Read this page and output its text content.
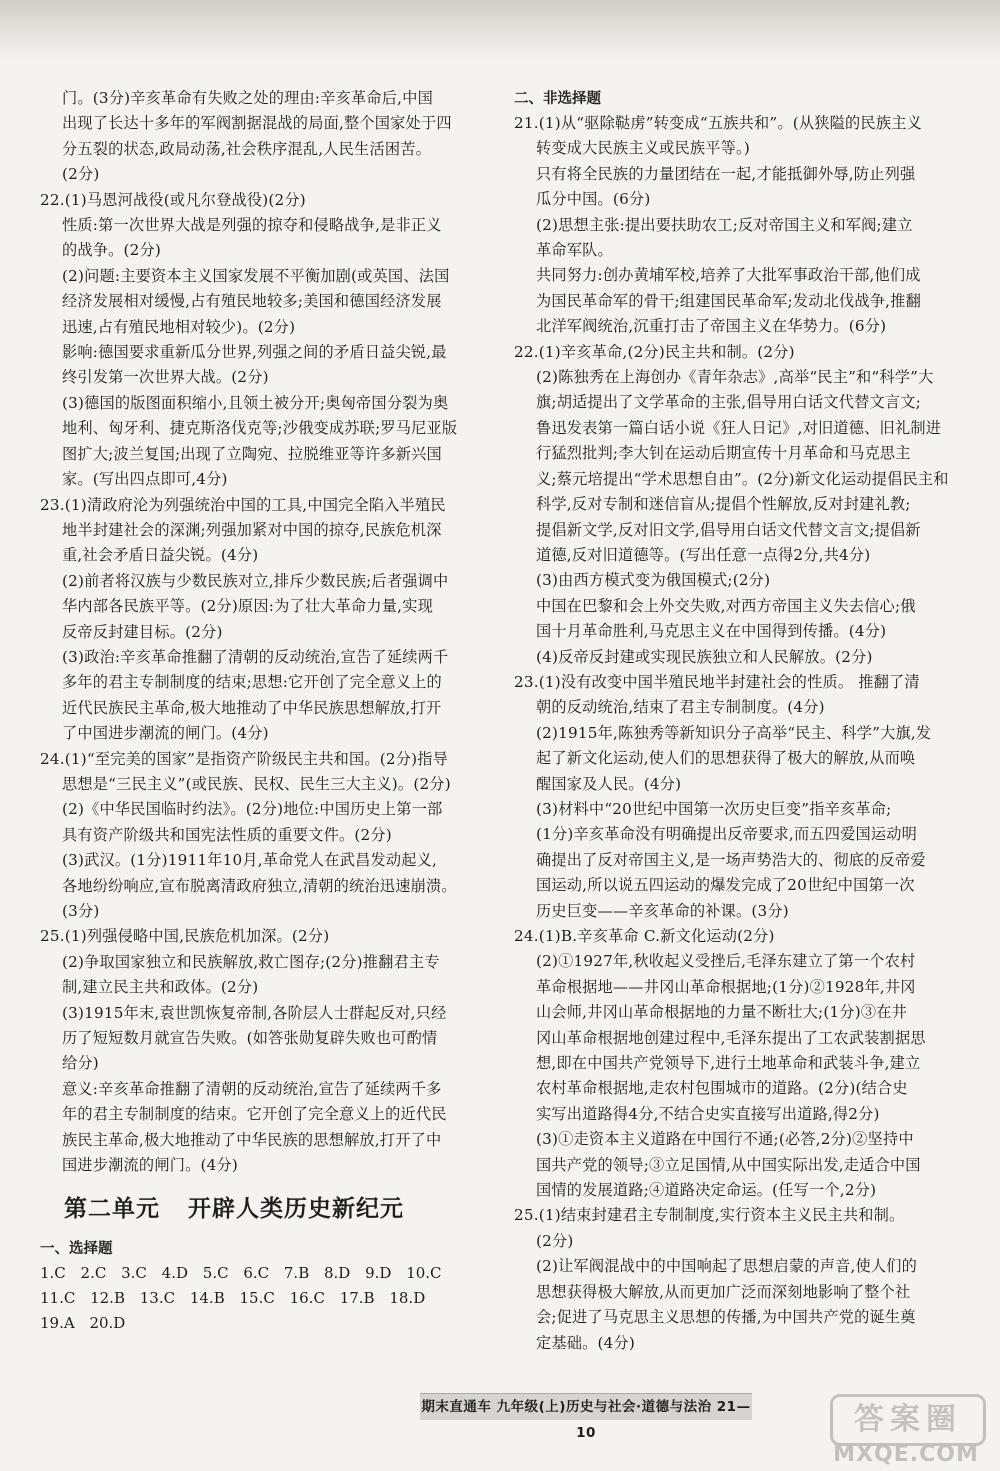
门。(3分)辛亥革命有失败之处的理由:辛亥革命后,中国
出现了长达十多年的军阀割据混战的局面,整个国家处于四
分五裂的状态,政局动荡,社会秩序混乱,人民生活困苦。
(2分)
22.(1)马恩河战役(或凡尔登战役)(2分)
性质:第一次世界大战是列强的掠夺和侵略战争,是非正义
的战争。(2分)
(2)问题:主要资本主义国家发展不平衡加剧(或英国、法国
经济发展相对缓慢,占有殖民地较多;美国和德国经济发展
迅速,占有殖民地相对较少)。(2分)
影响:德国要求重新瓜分世界,列强之间的矛盾日益尖锐,最
终引发第一次世界大战。(2分)
(3)德国的版图面积缩小,且领土被分开;奥匈帝国分裂为奥
地利、匈牙利、捷克斯洛伐克等;沙俄变成苏联;罗马尼亚版
图扩大;波兰复国;出现了立陶宛、拉脱维亚等许多新兴国
家。(写出四点即可,4分)
23.(1)清政府沦为列强统治中国的工具,中国完全陷入半殖民
地半封建社会的深渊;列强加紧对中国的掠夺,民族危机深
重,社会矛盾日益尖锐。(4分)
(2)前者将汉族与少数民族对立,排斥少数民族;后者强调中
华内部各民族平等。(2分)原因:为了壮大革命力量,实现
反帝反封建目标。(2分)
(3)政治:辛亥革命推翻了清朝的反动统治,宣告了延续两千
多年的君主专制制度的结束;思想:它开创了完全意义上的
近代民族民主革命,极大地推动了中华民族思想解放,打开
了中国进步潮流的闸门。(4分)
24.(1)“至完美的国家”是指资产阶级民主共和国。(2分)指导
思想是“三民主义”(或民族、民权、民生三大主义)。(2分)
(2)《中华民国临时约法》。(2分)地位:中国历史上第一部
具有资产阶级共和国宪法性质的重要文件。(2分)
(3)武汉。(1分)1911年10月,革命党人在武昌发动起义,
各地纷纷响应,宣布脱离清政府独立,清朝的统治迅速崩溃。
(3分)
25.(1)列强侵略中国,民族危机加深。(2分)
(2)争取国家独立和民族解放,救亡图存;(2分)推翻君主专
制,建立民主共和政体。(2分)
(3)1915年末,袁世凯恢复帝制,各阶层人士群起反对,只经
历了短短数月就宣告失败。(如答张勋复辟失败也可酌情
给分)
意义:辛亥革命推翻了清朝的反动统治,宣告了延续两千多
年的君主专制制度的结束。它开创了完全意义上的近代民
族民主革命,极大地推动了中华民族的思想解放,打开了中
国进步潮流的闸门。(4分)
第二单元 开辟人类历史新纪元
一、选择题
1.C 2.C 3.C 4.D 5.C 6.C 7.B 8.D 9.D 10.C
11.C 12.B 13.C 14.B 15.C 16.C 17.B 18.D
19.A 20.D
二、非选择题
21.(1)从“驱除鞑虏”转变成“五族共和”。(从狭隘的民族主义
转变成大民族主义或民族平等。)
只有将全民族的力量团结在一起,才能抵御外辱,防止列强
瓜分中国。(6分)
(2)思想主张:提出要扶助农工;反对帝国主义和军阀;建立
革命军队。
共同努力:创办黄埔军校,培养了大批军事政治干部,他们成
为国民革命军的骨干;组建国民革命军;发动北伐战争,推翻
北洋军阀统治,沉重打击了帝国主义在华势力。(6分)
22.(1)辛亥革命,(2分)民主共和制。(2分)
(2)陈独秀在上海创办《青年杂志》,高举“民主”和“科学”大
旗;胡适提出了文学革命的主张,倡导用白话文代替文言文;
鲁迅发表第一篇白话小说《狂人日记》,对旧道德、旧礼制进
行猛烈批判;李大钊在运动后期宣传十月革命和马克思主
义;蔡元培提出“学术思想自由”。(2分)新文化运动提倡民主和
科学,反对专制和迷信盲从;提倡个性解放,反对封建礼教;
提倡新文学,反对旧文学,倡导用白话文代替文言文;提倡新
道德,反对旧道德等。(写出任意一点得2分,共4分)
(3)由西方模式变为俄国模式;(2分)
中国在巴黎和会上外交失败,对西方帝国主义失去信心;俄
国十月革命胜利,马克思主义在中国得到传播。(4分)
(4)反帝反封建或实现民族独立和人民解放。(2分)
23.(1)没有改变中国半殖民地半封建社会的性质。 推翻了清
朝的反动统治,结束了君主专制制度。(4分)
(2)1915年,陈独秀等新知识分子高举“民主、科学”大旗,发
起了新文化运动,使人们的思想获得了极大的解放,从而唤
醒国家及人民。(4分)
(3)材料中“20世纪中国第一次历史巨变”指辛亥革命;
(1分)辛亥革命没有明确提出反帝要求,而五四爱国运动明
确提出了反对帝国主义,是一场声势浩大的、彻底的反帝爱
国运动,所以说五四运动的爆发完成了20世纪中国第一次
历史巨变——辛亥革命的补课。(3分)
24.(1)B.辛亥革命 C.新文化运动(2分)
(2)①1927年,秋收起义受挫后,毛泽东建立了第一个农村
革命根据地——井冈山革命根据地;(1分)②1928年,井冈
山会师,井冈山革命根据地的力量不断壮大;(1分)③在井
冈山革命根据地创建过程中,毛泽东提出了工农武装割据思
想,即在中国共产党领导下,进行土地革命和武装斗争,建立
农村革命根据地,走农村包围城市的道路。(2分)(结合史
实写出道路得4分,不结合史实直接写出道路,得2分)
(3)①走资本主义道路在中国行不通;(必答,2分)②坚持中
国共产党的领导;③立足国情,从中国实际出发,走适合中国
国情的发展道路;④道路决定命运。(任写一个,2分)
25.(1)结束封建君主专制制度,实行资本主义民主共和制。
(2分)
(2)让军阀混战中的中国响起了思想启蒙的声音,使人们的
思想获得极大解放,从而更加广泛而深刻地影响了整个社
会;促进了马克思主义思想的传播,为中国共产党的诞生奠
定基础。(4分)
期末直通车 九年级(上)历史与社会·道德与法治 21—10	答案圈
MXQE.COM
